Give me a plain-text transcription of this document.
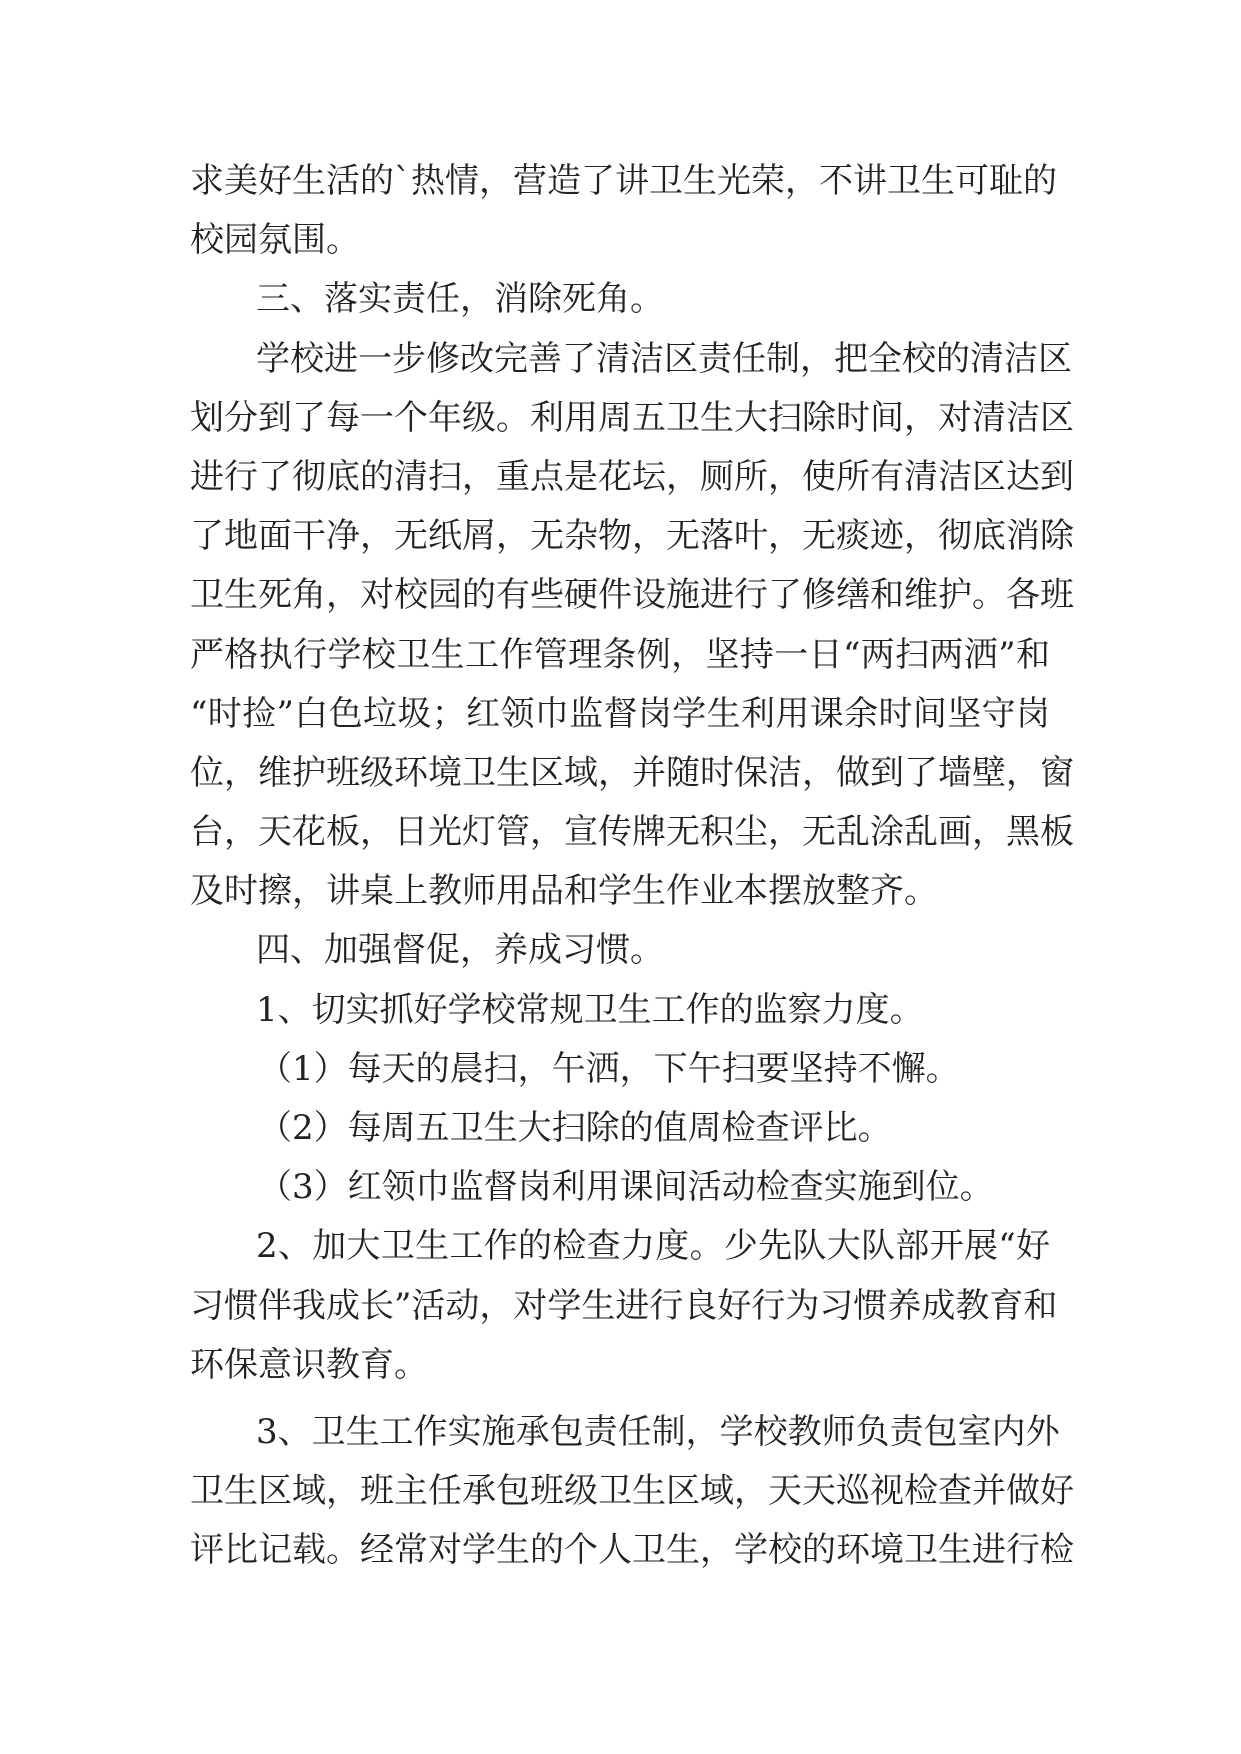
求美好生活的`热情，营造了讲卫生光荣，不讲卫生可耻的
校园氛围。
三、落实责任，消除死角。
学校进一步修改完善了清洁区责任制，把全校的清洁区
划分到了每一个年级。利用周五卫生大扫除时间，对清洁区
进行了彻底的清扫，重点是花坛，厕所，使所有清洁区达到
了地面干净，无纸屑，无杂物，无落叶，无痰迹，彻底消除
卫生死角，对校园的有些硬件设施进行了修缮和维护。各班
严格执行学校卫生工作管理条例，坚持一日“两扫两洒”和
“时捡”白色垃圾；红领巾监督岗学生利用课余时间坚守岗
位，维护班级环境卫生区域，并随时保洁，做到了墙壁，窗
台，天花板，日光灯管，宣传牌无积尘，无乱涂乱画，黑板
及时擦，讲桌上教师用品和学生作业本摆放整齐。
四、加强督促，养成习惯。
1、切实抓好学校常规卫生工作的监察力度。
（1）每天的晨扫，午洒，下午扫要坚持不懈。
（2）每周五卫生大扫除的值周检查评比。
（3）红领巾监督岗利用课间活动检查实施到位。
2、加大卫生工作的检查力度。少先队大队部开展“好
习惯伴我成长”活动，对学生进行良好行为习惯养成教育和
环保意识教育。
3、卫生工作实施承包责任制，学校教师负责包室内外
卫生区域，班主任承包班级卫生区域，天天巡视检查并做好
评比记载。经常对学生的个人卫生，学校的环境卫生进行检
